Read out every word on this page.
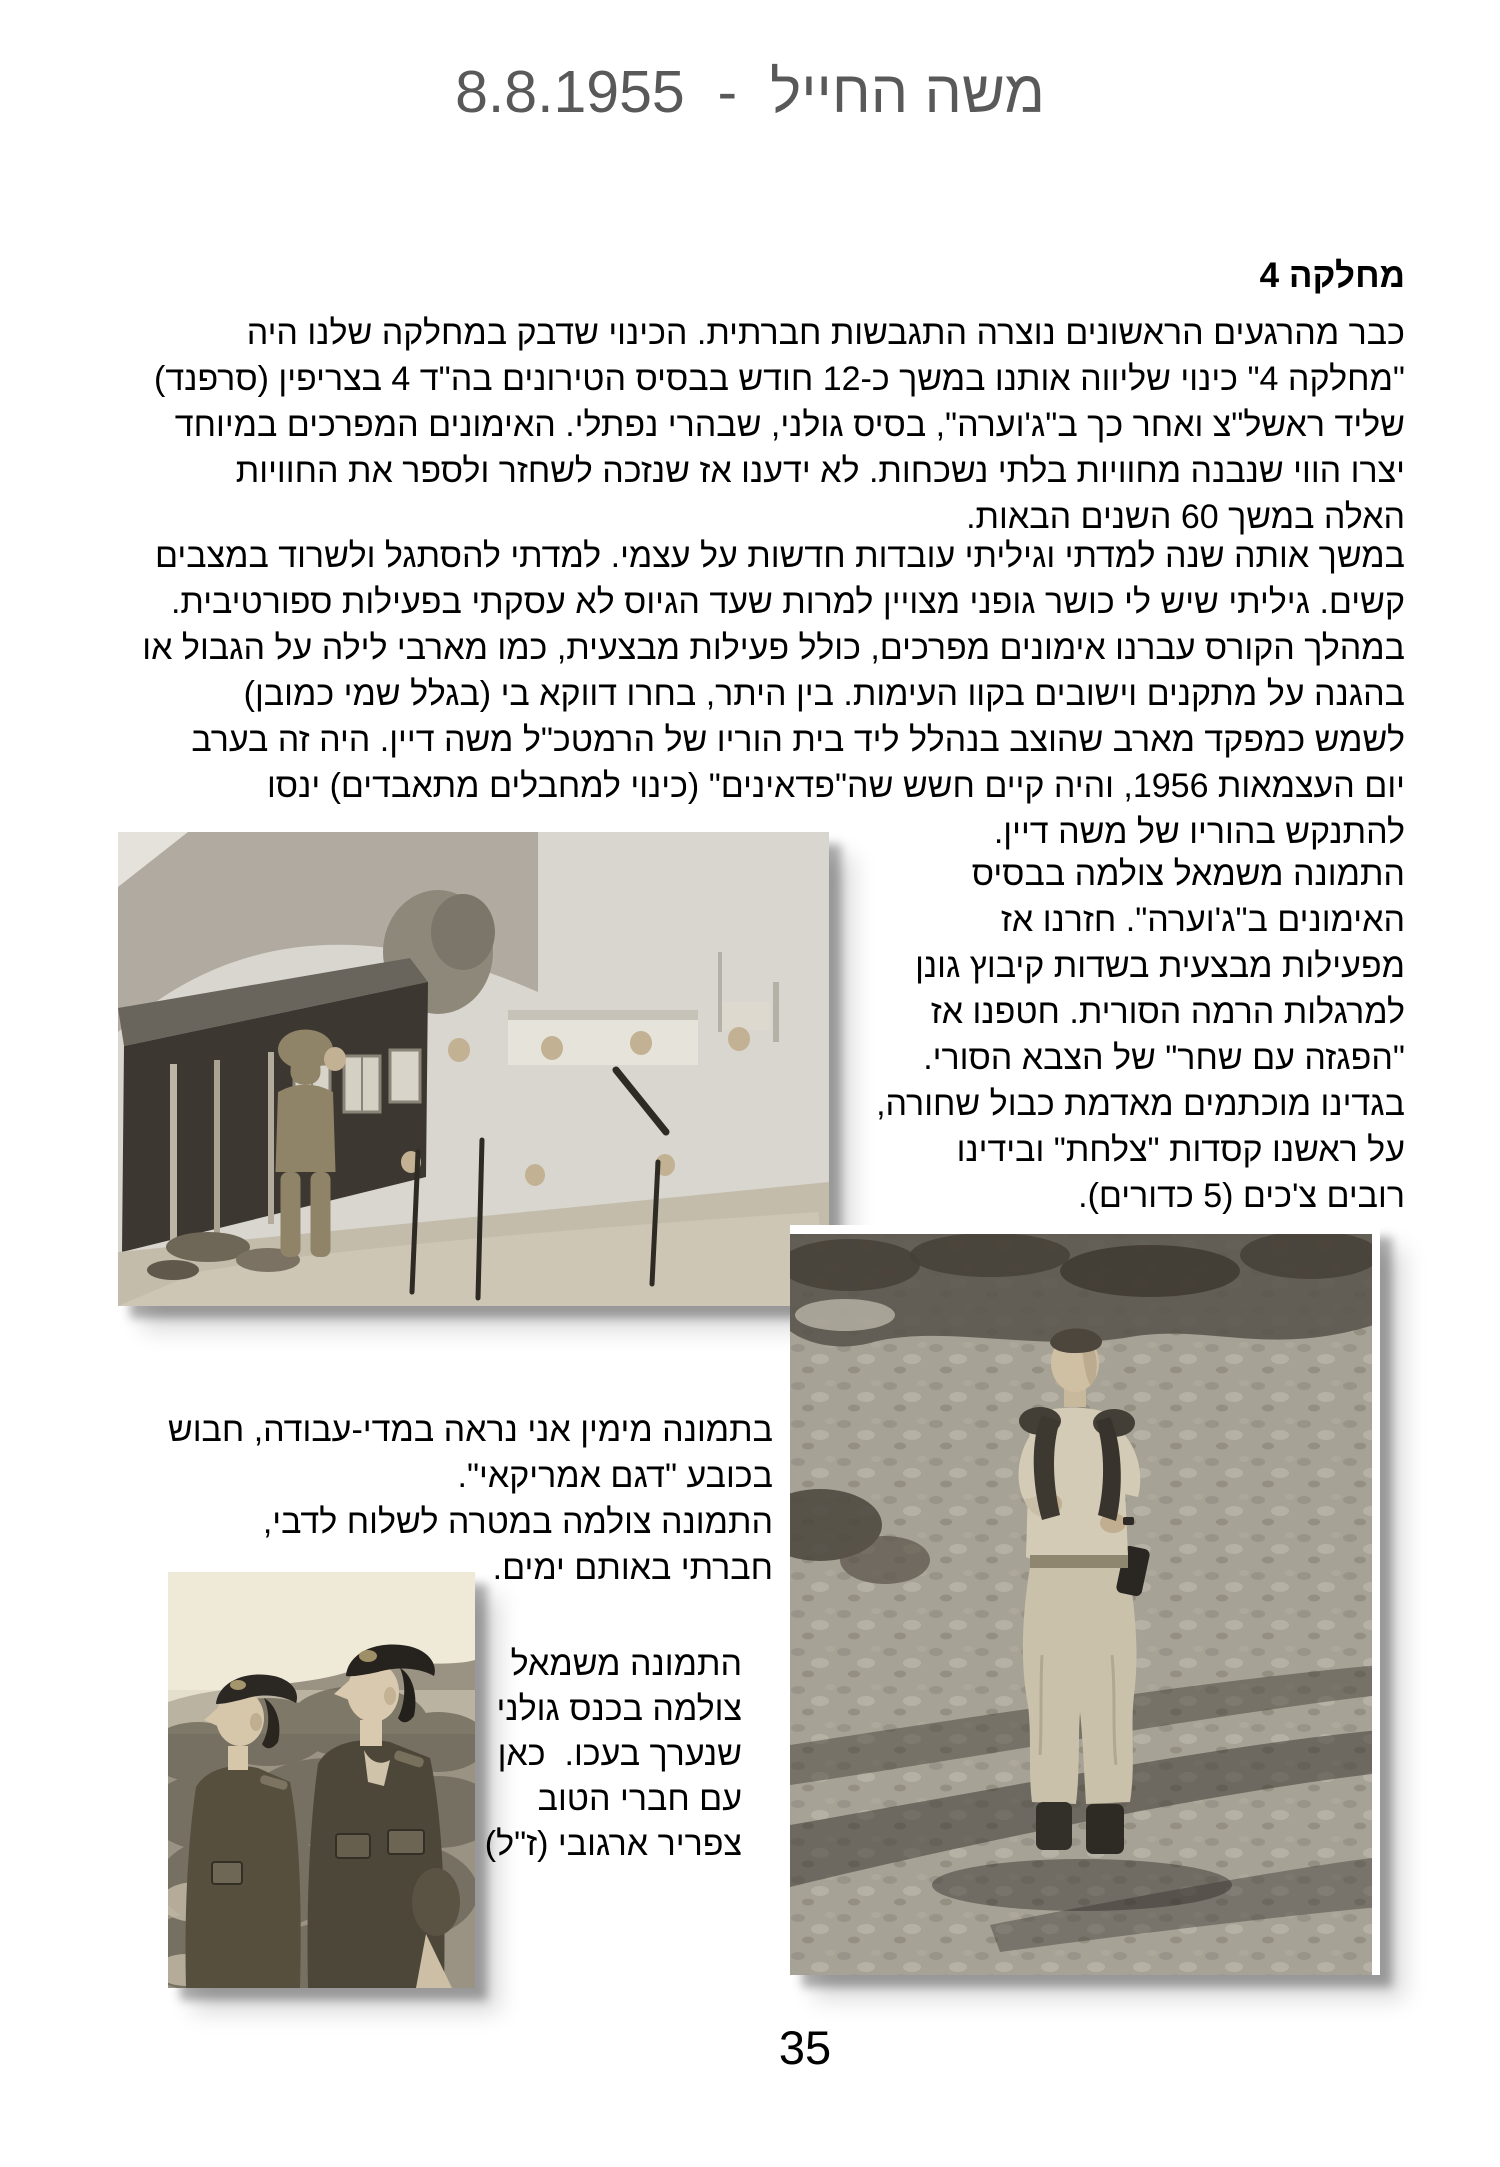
משה החייל  -  8.8.1955
מחלקה 4
כבר מהרגעים הראשונים נוצרה התגבשות חברתית. הכינוי שדבק במחלקה שלנו היה
"מחלקה 4" כינוי שליווה אותנו במשך כ-12 חודש בבסיס הטירונים בה"ד 4 בצריפין (סרפנד)
שליד ראשל"צ ואחר כך ב"ג'וערה", בסיס גולני, שבהרי נפתלי. האימונים המפרכים במיוחד
יצרו הווי שנבנה מחוויות בלתי נשכחות. לא ידענו אז שנזכה לשחזר ולספר את החוויות
האלה במשך 60 השנים הבאות.
במשך אותה שנה למדתי וגיליתי עובדות חדשות על עצמי. למדתי להסתגל ולשרוד במצבים
קשים. גיליתי שיש לי כושר גופני מצויין למרות שעד הגיוס לא עסקתי בפעילות ספורטיבית.
במהלך הקורס עברנו אימונים מפרכים, כולל פעילות מבצעית, כמו מארבי לילה על הגבול או
בהגנה על מתקנים וישובים בקוו העימות. בין היתר, בחרו דווקא בי (בגלל שמי כמובן)
לשמש כמפקד מארב שהוצב בנהלל ליד בית הוריו של הרמטכ"ל משה דיין. היה זה בערב
יום העצמאות 1956, והיה קיים חשש שה"פדאינים" (כינוי למחבלים מתאבדים) ינסו
להתנקש בהוריו של משה דיין.
התמונה משמאל צולמה בבסיס
האימונים ב"ג'וערה". חזרנו אז
מפעילות מבצעית בשדות קיבוץ גונן
למרגלות הרמה הסורית. חטפנו אז
"הפגזה עם שחר" של הצבא הסורי.
בגדינו מוכתמים מאדמת כבול שחורה,
על ראשנו קסדות "צלחת" ובידינו
רובים צ'כים (5 כדורים).
בתמונה מימין אני נראה במדי-עבודה, חבוש
בכובע "דגם אמריקאי".
התמונה צולמה במטרה לשלוח לדבי,
חברתי באותם ימים.
התמונה משמאל
צולמה בכנס גולני
שנערך בעכו.  כאן
עם חברי הטוב
צפריר ארגובי (ז"ל)
35
